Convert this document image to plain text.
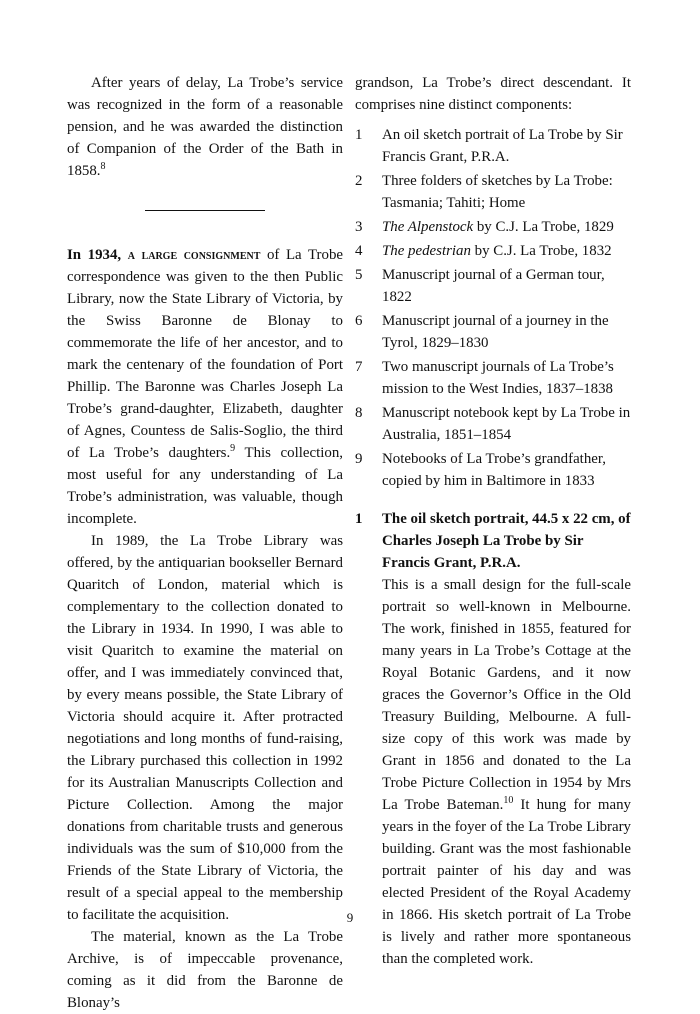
After years of delay, La Trobe’s service was recognized in the form of a reasonable pension, and he was awarded the distinction of Companion of the Order of the Bath in 1858.$^8$

In 1934, a large consignment of La Trobe correspondence was given to the then Public Library, now the State Library of Victoria, by the Swiss Baronne de Blonay to commemorate the life of her ancestor, and to mark the centenary of the foundation of Port Phillip. The Baronne was Charles Joseph La Trobe’s grand-daughter, Elizabeth, daughter of Agnes, Countess de Salis-Soglio, the third of La Trobe’s daughters.$^9$ This collection, most useful for any understanding of La Trobe’s administration, was valuable, though incomplete.

In 1989, the La Trobe Library was offered, by the antiquarian bookseller Bernard Quaritch of London, material which is complementary to the collection donated to the Library in 1934. In 1990, I was able to visit Quaritch to examine the material on offer, and I was immediately convinced that, by every means possible, the State Library of Victoria should acquire it. After protracted negotiations and long months of fund-raising, the Library purchased this collection in 1992 for its Australian Manuscripts Collection and Picture Collection. Among the major donations from charitable trusts and generous individuals was the sum of $10,000 from the Friends of the State Library of Victoria, the result of a special appeal to the membership to facilitate the acquisition.

The material, known as the La Trobe Archive, is of impeccable provenance, coming as it did from the Baronne de Blonay’s

grandson, La Trobe’s direct descendant. It comprises nine distinct components:

1	An oil sketch portrait of La Trobe by Sir Francis Grant, P.R.A.
2	Three folders of sketches by La Trobe: Tasmania; Tahiti; Home
3	The Alpenstock by C.J. La Trobe, 1829
4	The pedestrian by C.J. La Trobe, 1832
5	Manuscript journal of a German tour, 1822
6	Manuscript journal of a journey in the Tyrol, 1829–1830
7	Two manuscript journals of La Trobe’s mission to the West Indies, 1837–1838
8	Manuscript notebook kept by La Trobe in Australia, 1851–1854
9	Notebooks of La Trobe’s grandfather, copied by him in Baltimore in 1833
1	The oil sketch portrait, 44.5 x 22 cm, of Charles Joseph La Trobe by Sir Francis Grant, P.R.A.

This is a small design for the full-scale portrait so well-known in Melbourne. The work, finished in 1855, featured for many years in La Trobe’s Cottage at the Royal Botanic Gardens, and it now graces the Governor’s Office in the Old Treasury Building, Melbourne. A full-size copy of this work was made by Grant in 1856 and donated to the La Trobe Picture Collection in 1954 by Mrs La Trobe Bateman.$^{10}$ It hung for many years in the foyer of the La Trobe Library building. Grant was the most fashionable portrait painter of his day and was elected President of the Royal Academy in 1866. His sketch portrait of La Trobe is lively and rather more spontaneous than the completed work.

9
